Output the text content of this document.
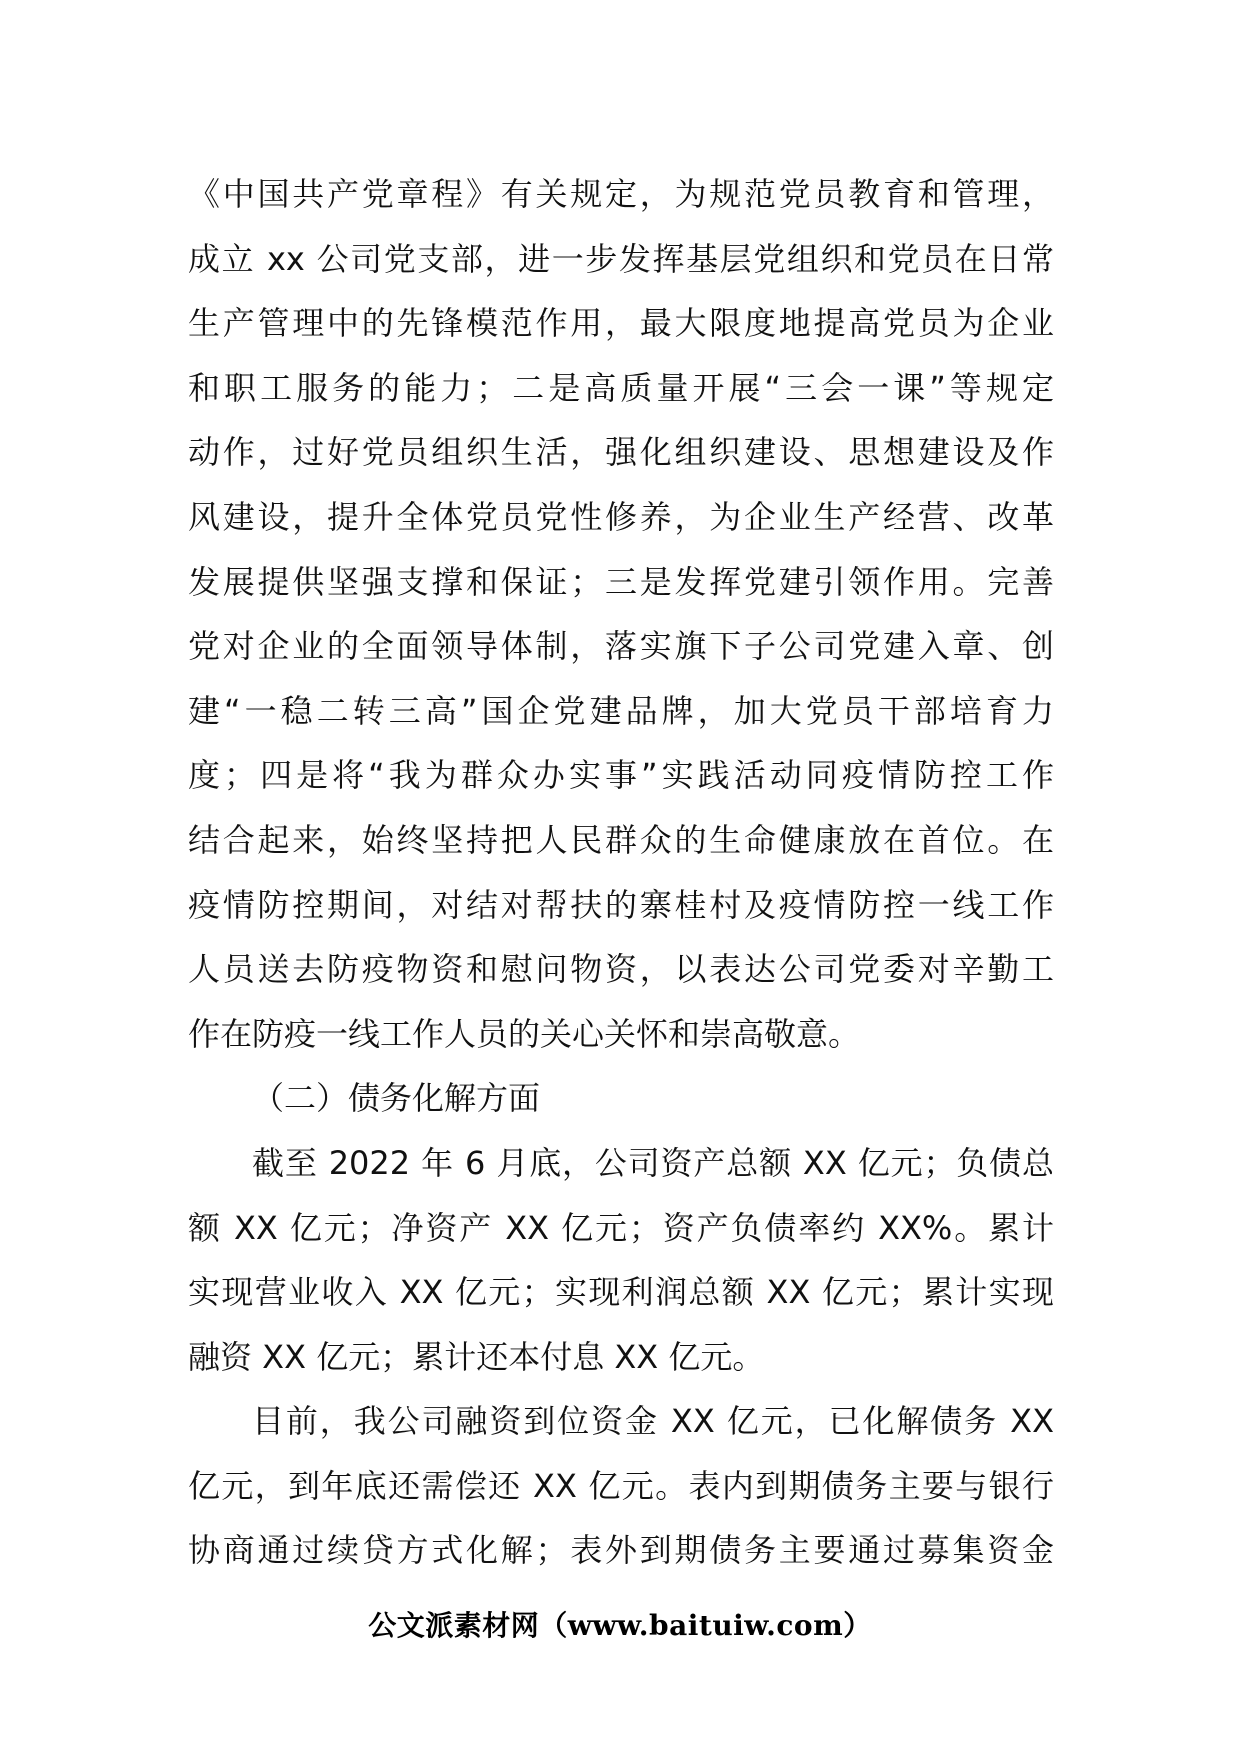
《中国共产党章程》有关规定，为规范党员教育和管理，
成立 xx 公司党支部，进一步发挥基层党组织和党员在日常
生产管理中的先锋模范作用，最大限度地提高党员为企业
和职工服务的能力；二是高质量开展“三会一课”等规定
动作，过好党员组织生活，强化组织建设、思想建设及作
风建设，提升全体党员党性修养，为企业生产经营、改革
发展提供坚强支撑和保证；三是发挥党建引领作用。完善
党对企业的全面领导体制，落实旗下子公司党建入章、创
建“一稳二转三高”国企党建品牌，加大党员干部培育力
度；四是将“我为群众办实事”实践活动同疫情防控工作
结合起来，始终坚持把人民群众的生命健康放在首位。在
疫情防控期间，对结对帮扶的寨桂村及疫情防控一线工作
人员送去防疫物资和慰问物资，以表达公司党委对辛勤工
作在防疫一线工作人员的关心关怀和崇高敬意。
（二）债务化解方面
截至 2022 年 6 月底，公司资产总额 XX 亿元；负债总
额 XX 亿元；净资产 XX 亿元；资产负债率约 XX%。累计
实现营业收入 XX 亿元；实现利润总额 XX 亿元；累计实现
融资 XX 亿元；累计还本付息 XX 亿元。
目前，我公司融资到位资金 XX 亿元，已化解债务 XX
亿元，到年底还需偿还 XX 亿元。表内到期债务主要与银行
协商通过续贷方式化解；表外到期债务主要通过募集资金
公文派素材网（www.baituiw.com）
